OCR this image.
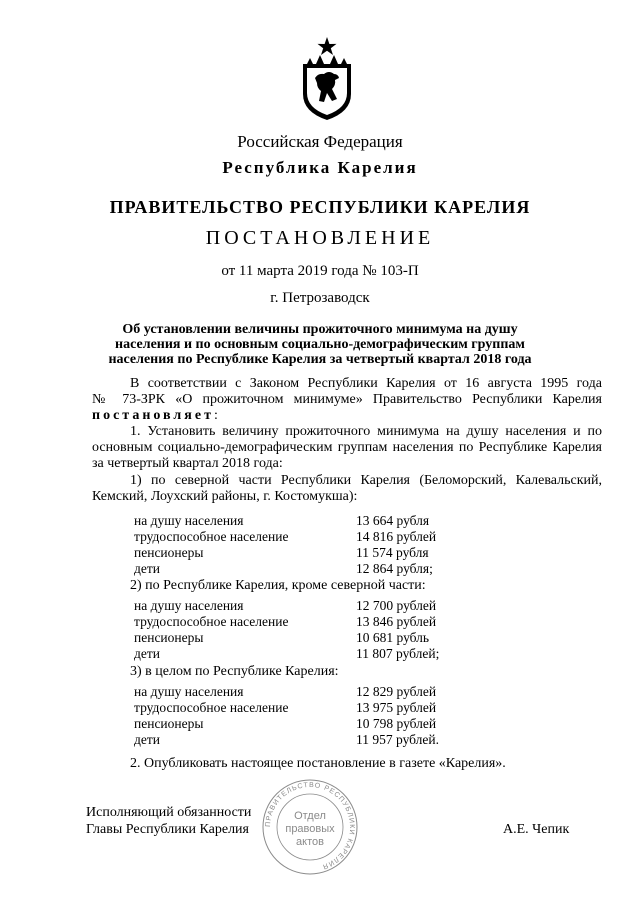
Российская Федерация
Республика Карелия
ПРАВИТЕЛЬСТВО РЕСПУБЛИКИ КАРЕЛИЯ
ПОСТАНОВЛЕНИЕ
от 11 марта 2019 года № 103-П
г. Петрозаводск
Об установлении величины прожиточного минимума на душу
населения и по основным социально-демографическим группам
населения по Республике Карелия за четвертый квартал 2018 года
В соответствии с Законом Республики Карелия от 16 августа 1995 года
№ 73-ЗРК «О прожиточном минимуме» Правительство Республики Карелия
постановляет:
1. Установить величину прожиточного минимума на душу населения и по
основным социально-демографическим группам населения по Республике Карелия
за четвертый квартал 2018 года:
1) по северной части Республики Карелия (Беломорский, Калевальский,
Кемский, Лоухский районы, г. Костомукша):
на душу населения	13 664 рубля
трудоспособное население	14 816 рублей
пенсионеры	11 574 рубля
дети	12 864 рубля;
2) по Республике Карелия, кроме северной части:
на душу населения	12 700 рублей
трудоспособное население	13 846 рублей
пенсионеры	10 681 рубль
дети	11 807 рублей;
3) в целом по Республике Карелия:
на душу населения	12 829 рублей
трудоспособное население	13 975 рублей
пенсионеры	10 798 рублей
дети	11 957 рублей.
2. Опубликовать настоящее постановление в газете «Карелия».
ПРАВИТЕЛЬСТВО РЕСПУБЛИКИ КАРЕЛИЯ
Отдел
правовых
актов
Исполняющий обязанности
Главы Республики Карелия	А.Е. Чепик
